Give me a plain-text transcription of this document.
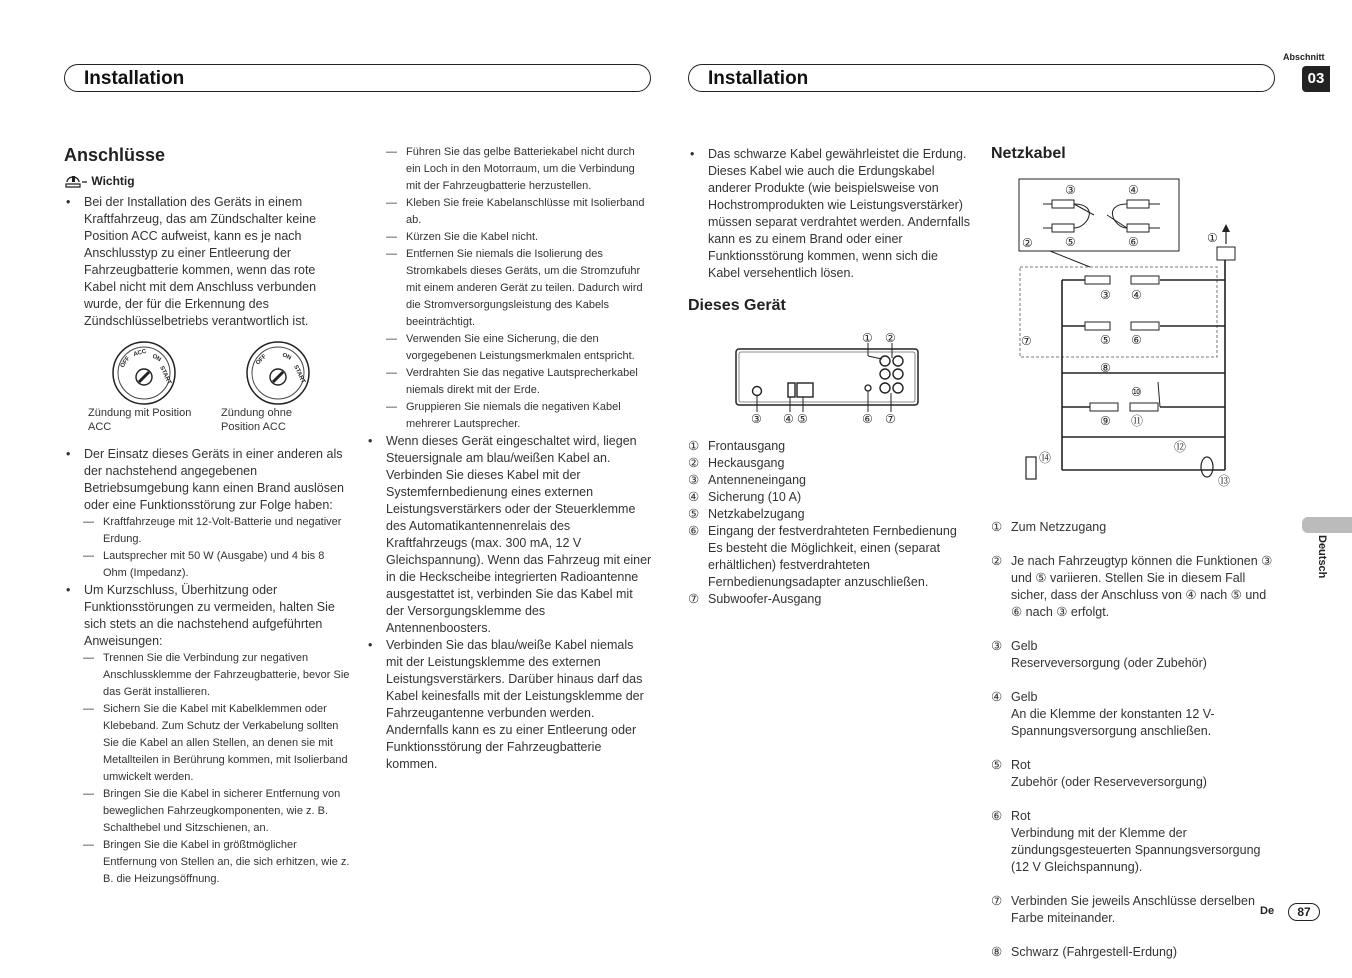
Installation	Installation
Abschnitt
03
Anschlüsse
Wichtig
• Bei der Installation des Geräts in einem Kraftfahrzeug, das am Zündschalter keine Position ACC aufweist, kann es je nach Anschlusstyp zu einer Entleerung der Fahrzeugbatterie kommen, wenn das rote Kabel nicht mit dem Anschluss verbunden wurde, der für die Erkennung des Zündschlüsselbetriebs verantwortlich ist.
OFF
ACC
ON
START
OFF ON
START
Zündung mit Position ACC
Zündung ohne Position ACC
• Der Einsatz dieses Geräts in einer anderen als der nachstehend angegebenen Betriebsumgebung kann einen Brand auslösen oder eine Funktionsstörung zur Folge haben:
— Kraftfahrzeuge mit 12-Volt-Batterie und negativer Erdung.
— Lautsprecher mit 50 W (Ausgabe) und 4 bis 8 Ohm (Impedanz).
• Um Kurzschluss, Überhitzung oder Funktionsstörungen zu vermeiden, halten Sie sich stets an die nachstehend aufgeführten Anweisungen:
— Trennen Sie die Verbindung zur negativen Anschlussklemme der Fahrzeugbatterie, bevor Sie das Gerät installieren.
— Sichern Sie die Kabel mit Kabelklemmen oder Klebeband. Zum Schutz der Verkabelung sollten Sie die Kabel an allen Stellen, an denen sie mit Metallteilen in Berührung kommen, mit Isolierband umwickelt werden.
— Bringen Sie die Kabel in sicherer Entfernung von beweglichen Fahrzeugkomponenten, wie z. B. Schalthebel und Sitzschienen, an.
— Bringen Sie die Kabel in größtmöglicher Entfernung von Stellen an, die sich erhitzen, wie z. B. die Heizungsöffnung.
— Führen Sie das gelbe Batteriekabel nicht durch ein Loch in den Motorraum, um die Verbindung mit der Fahrzeugbatterie herzustellen.
— Kleben Sie freie Kabelanschlüsse mit Isolierband ab.
— Kürzen Sie die Kabel nicht.
— Entfernen Sie niemals die Isolierung des Stromkabels dieses Geräts, um die Stromzufuhr mit einem anderen Gerät zu teilen. Dadurch wird die Stromversorgungsleistung des Kabels beeinträchtigt.
— Verwenden Sie eine Sicherung, die den vorgegebenen Leistungsmerkmalen entspricht.
— Verdrahten Sie das negative Lautsprecherkabel niemals direkt mit der Erde.
— Gruppieren Sie niemals die negativen Kabel mehrerer Lautsprecher.
• Wenn dieses Gerät eingeschaltet wird, liegen Steuersignale am blau/weißen Kabel an. Verbinden Sie dieses Kabel mit der Systemfernbedienung eines externen Leistungsverstärkers oder der Steuerklemme des Automatikantennenrelais des Kraftfahrzeugs (max. 300 mA, 12 V Gleichspannung). Wenn das Fahrzeug mit einer in die Heckscheibe integrierten Radioantenne ausgestattet ist, verbinden Sie das Kabel mit der Versorgungsklemme des Antennenboosters.
• Verbinden Sie das blau/weiße Kabel niemals mit der Leistungsklemme des externen Leistungsverstärkers. Darüber hinaus darf das Kabel keinesfalls mit der Leistungsklemme der Fahrzeugantenne verbunden werden. Andernfalls kann es zu einer Entleerung oder Funktionsstörung der Fahrzeugbatterie kommen.
• Das schwarze Kabel gewährleistet die Erdung. Dieses Kabel wie auch die Erdungskabel anderer Produkte (wie beispielsweise von Hochstromprodukten wie Leistungsverstärker) müssen separat verdrahtet werden. Andernfalls kann es zu einem Brand oder einer Funktionsstörung kommen, wenn sich die Kabel versehentlich lösen.
Dieses Gerät
① ②
③ ④ ⑤	⑥ ⑦
① Frontausgang
② Heckausgang
③ Antenneneingang
④ Sicherung (10 A)
⑤ Netzkabelzugang
⑥ Eingang der festverdrahteten Fernbedienung Es besteht die Möglichkeit, einen (separat erhältlichen) festverdrahteten Fernbedienungsadapter anzuschließen.
⑦ Subwoofer-Ausgang
Netzkabel
③	④
②	⑤	⑥	①
③ ④
⑦	⑤ ⑥
⑧
⑩
⑨ ⑪
⑫
⑭
⑬

① Zum Netzzugang

② Je nach Fahrzeugtyp können die Funktionen ③ und ⑤ variieren. Stellen Sie in diesem Fall sicher, dass der Anschluss von ④ nach ⑤ und ⑥ nach ③ erfolgt.

③ Gelb
Reserveversorgung (oder Zubehör)

④ Gelb
An die Klemme der konstanten 12 V-Spannungsversorgung anschließen.

⑤ Rot
Zubehör (oder Reserveversorgung)

⑥ Rot
Verbindung mit der Klemme der zündungsgesteuerten Spannungsversorgung (12 V Gleichspannung).

⑦ Verbinden Sie jeweils Anschlüsse derselben Farbe miteinander.

⑧ Schwarz (Fahrgestell-Erdung)

Deutsch
De	87
